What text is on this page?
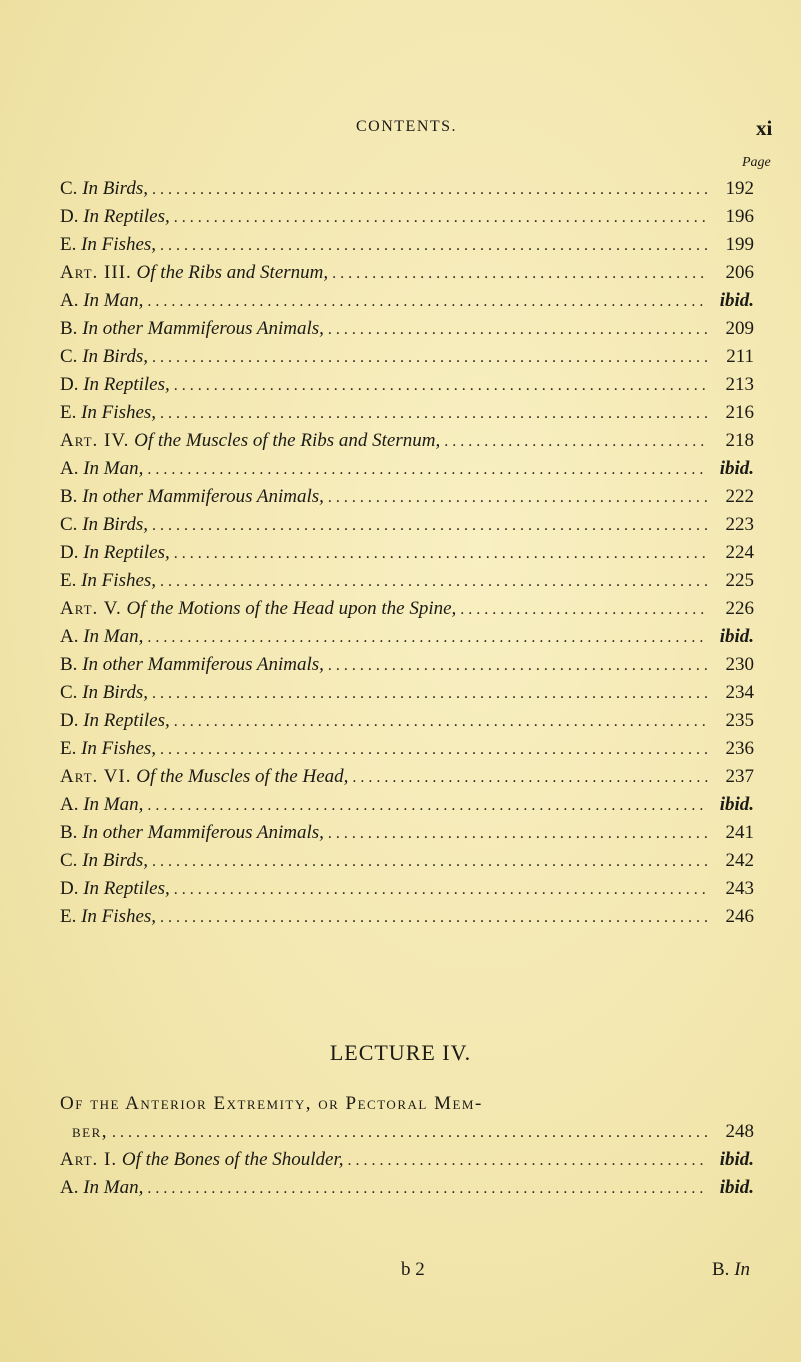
CONTENTS.	xi
Page
C. In Birds, . . .	192
D. In Reptiles, . . .	196
E. In Fishes, . . .	199
Art. III. Of the Ribs and Sternum, . . .	206
A. In Man, . . .	ibid.
B. In other Mammiferous Animals, . . .	209
C. In Birds, . . .	211
D. In Reptiles, . . .	213
E. In Fishes, . . .	216
Art. IV. Of the Muscles of the Ribs and Sternum, . . .	218
A. In Man, . . .	ibid.
B. In other Mammiferous Animals, . . .	222
C. In Birds, . . .	223
D. In Reptiles, . . .	224
E. In Fishes, . . .	225
Art. V. Of the Motions of the Head upon the Spine, . . .	226
A. In Man, . . .	ibid.
B. In other Mammiferous Animals, . . .	230
C. In Birds, . . .	234
D. In Reptiles, . . .	235
E. In Fishes, . . .	236
Art. VI. Of the Muscles of the Head, . . .	237
A. In Man, . . .	ibid.
B. In other Mammiferous Animals, . . .	241
C. In Birds, . . .	242
D. In Reptiles, . . .	243
E. In Fishes, . . .	246
LECTURE IV.
Of the Anterior Extremity, or Pectoral Mem-
ber, . . .	248
Art. I. Of the Bones of the Shoulder, . . .	ibid.
A. In Man, . . .	ibid.
b 2	B. In
